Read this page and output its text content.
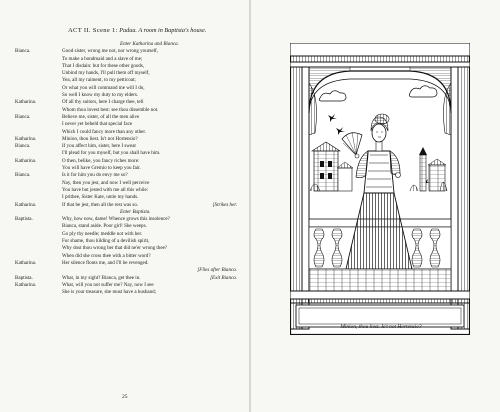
ACT II. Scene 1: Padua. A room in Baptista's house.
Enter Katharina and Bianca.
Bianca.	Good sister, wrong me not, nor wrong yourself,
To make a bondmaid and a slave of me;
That I disdain: but for these other goods,
Unbind my hands, I'll pull them off myself,
Yea, all my raiment, to my petticoat;
Or what you will command me will I do,
So well I know my duty to my elders.
Katharina.	Of all thy suitors, here I charge thee, tell
Whom thou lovest best: see thou dissemble not.
Bianca.	Believe me, sister, of all the men alive
I never yet beheld that special face
Which I could fancy more than any other.
Katharina.	Minion, thou liest. Is't not Hortensio?
Bianca.	If you affect him, sister, here I swear
I'll plead for you myself, but you shall have him.
Katharina.	O then, belike, you fancy riches more:
You will have Gremio to keep you fair.
Bianca.	Is it for him you do envy me so?
Nay, then you jest, and now I well perceive
You have but jested with me all this while:
I prithee, Sister Kate, untie my hands.
Katharina.	If that be jest, then all the rest was so.	[Strikes her.
Enter Baptista.
Baptista.	Why, how now, dame! Whence grows this insolence?
Bianca, stand aside. Poor girl! She weeps.
Go ply thy needle; meddle not with her.
For shame, thou hilding of a devilish spirit,
Why dost thou wrong her that did ne'er wrong thee?
When did she cross thee with a bitter word?
Katharina.	Her silence flouts me, and I'll be revenged.
[Flies after Bianca.
Baptista.	What, in my sight? Bianca, get thee in.	[Exit Bianca.
Katharina.	What, will you not suffer me? Nay, now I see
She is your treasure, she must have a husband;
25
Minion, thou liest. Is't not Hortensio?
